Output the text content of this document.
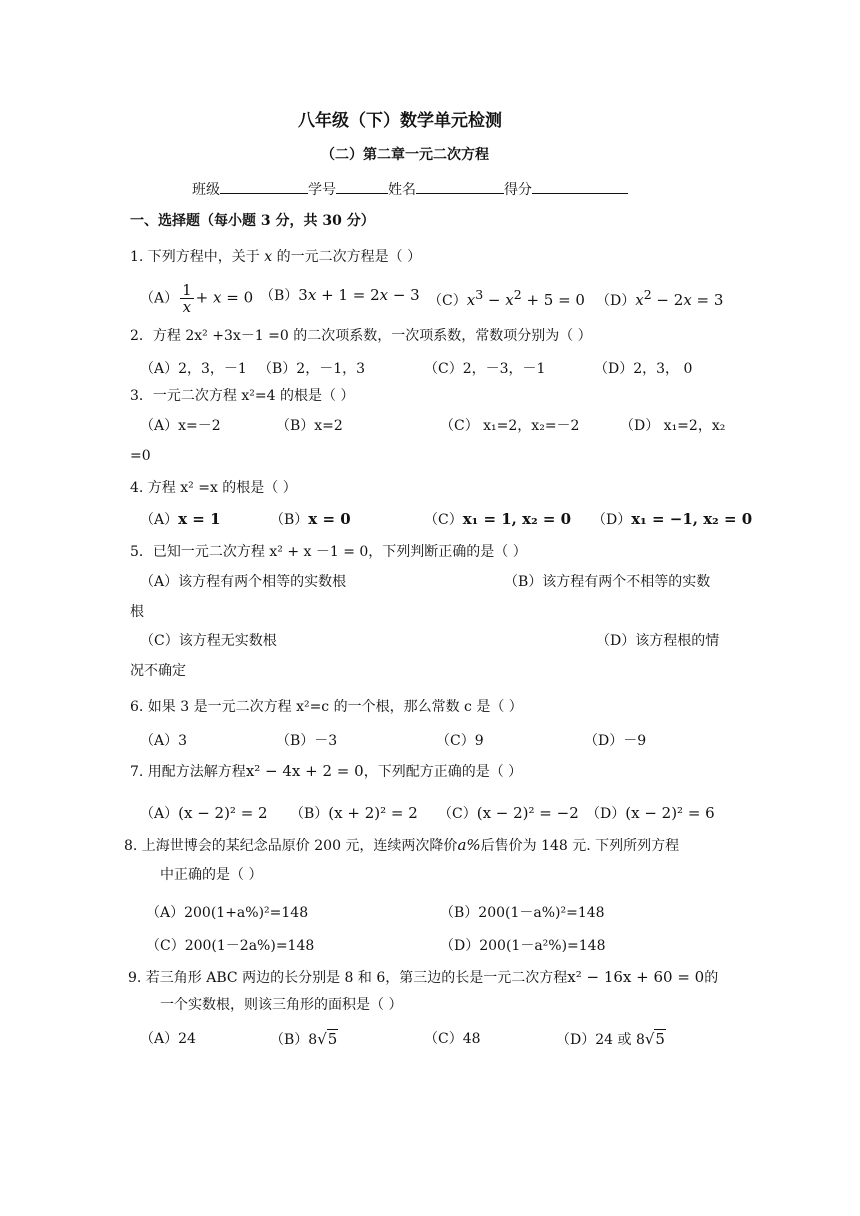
八年级（下）数学单元检测
（二）第二章一元二次方程
班级	学号	姓名	得分
一、选择题（每小题 3 分，共 30 分）
1. 下列方程中，关于 x 的一元二次方程是（ ）
$(A) \frac{1}{x} + x = 0$ （B）3x + 1 = 2x − 3 $(C)x^3 - x^2 + 5 = 0$ $(D)x^2 - 2x = 3$
2．方程 2x² +3x－1 =0 的二次项系数，一次项系数，常数项分别为（ ）
（A）2，3，－1 （B）2，－1，3	（C）2，－3，－1	（D）2，3， 0
3．一元二次方程 x²=4 的根是（ ）
（A）x=－2	（B）x=2	（C） x₁=2，x₂=－2	（D） x₁=2，x₂
=0
4. 方程 x² =x 的根是（ ）
（A）x = 1	（B）x = 0	（C）x₁ = 1, x₂ = 0 （D）x₁ = −1, x₂ = 0
5．已知一元二次方程 x² + x －1 = 0，下列判断正确的是（ ）
（A）该方程有两个相等的实数根	（B）该方程有两个不相等的实数
根
（C）该方程无实数根	（D）该方程根的情
况不确定
6. 如果 3 是一元二次方程 x²=c 的一个根，那么常数 c 是（ ）
（A）3	（B）－3	（C）9	（D）－9
7. 用配方法解方程x² − 4x + 2 = 0，下列配方正确的是（ ）
（A）(x − 2)² = 2 （B）(x + 2)² = 2 （C）(x − 2)² = −2 （D）(x − 2)² = 6
8. 上海世博会的某纪念品原价 200 元，连续两次降价a%后售价为 148 元. 下列所列方程
中正确的是（ ）
（A）200(1+a%)²=148	（B）200(1－a%)²=148
（C）200(1－2a%)=148	（D）200(1－a²%)=148
9. 若三角形 ABC 两边的长分别是 8 和 6，第三边的长是一元二次方程x² − 16x + 60 = 0的
一个实数根，则该三角形的面积是（ ）
（A）24	（B）8√5	（C）48	（D）24 或 8√5
